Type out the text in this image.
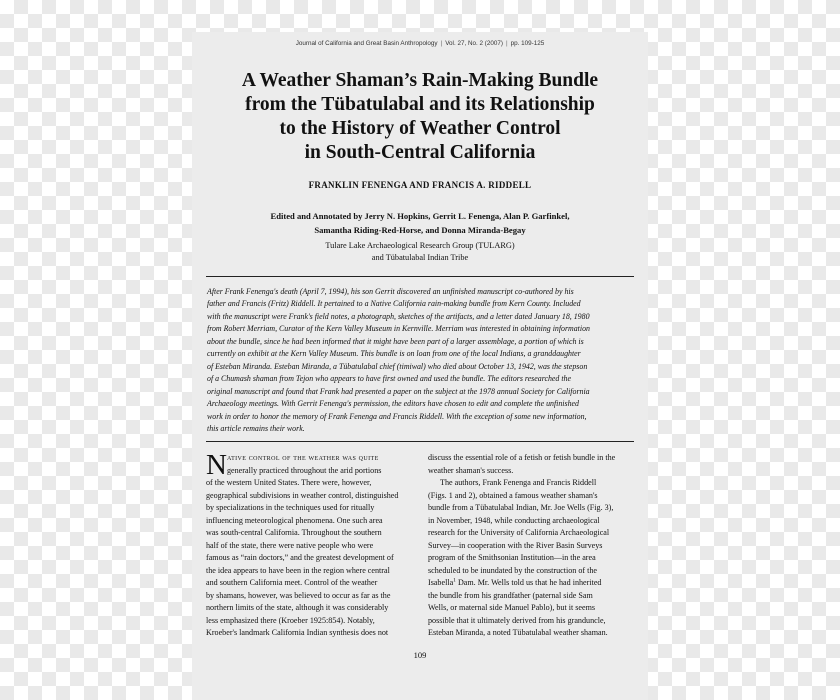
Journal of California and Great Basin Anthropology | Vol. 27, No. 2 (2007) | pp. 109-125
A Weather Shaman’s Rain-Making Bundle
from the Tübatulabal and its Relationship
to the History of Weather Control
in South-Central California
FRANKLIN FENENGA AND FRANCIS A. RIDDELL
Edited and Annotated by Jerry N. Hopkins, Gerrit L. Fenenga, Alan P. Garfinkel,
Samantha Riding-Red-Horse, and Donna Miranda-Begay
Tulare Lake Archaeological Research Group (TULARG)
and Tübatulabal Indian Tribe
After Frank Fenenga's death (April 7, 1994), his son Gerrit discovered an unfinished manuscript co-authored by his
father and Francis (Fritz) Riddell. It pertained to a Native California rain-making bundle from Kern County. Included
with the manuscript were Frank's field notes, a photograph, sketches of the artifacts, and a letter dated January 18, 1980
from Robert Merriam, Curator of the Kern Valley Museum in Kernville. Merriam was interested in obtaining information
about the bundle, since he had been informed that it might have been part of a larger assemblage, a portion of which is
currently on exhibit at the Kern Valley Museum. This bundle is on loan from one of the local Indians, a granddaughter
of Esteban Miranda. Esteban Miranda, a Tübatulabal chief (timiwal) who died about October 13, 1942, was the stepson
of a Chumash shaman from Tejon who appears to have first owned and used the bundle. The editors researched the
original manuscript and found that Frank had presented a paper on the subject at the 1978 annual Society for California
Archaeology meetings. With Gerrit Fenenga's permission, the editors have chosen to edit and complete the unfinished
work in order to honor the memory of Frank Fenenga and Francis Riddell. With the exception of some new information,
this article remains their work.
N ative control of the weather was quite
generally practiced throughout the arid portions
of the western United States. There were, however,
geographical subdivisions in weather control, distinguished
by specializations in the techniques used for ritually
influencing meteorological phenomena. One such area
was south-central California. Throughout the southern
half of the state, there were native people who were
famous as “rain doctors,” and the greatest development of
the idea appears to have been in the region where central
and southern California meet. Control of the weather
by shamans, however, was believed to occur as far as the
northern limits of the state, although it was considerably
less emphasized there (Kroeber 1925:854). Notably,
Kroeber's landmark California Indian synthesis does not
discuss the essential role of a fetish or fetish bundle in the
weather shaman's success.
The authors, Frank Fenenga and Francis Riddell
(Figs. 1 and 2), obtained a famous weather shaman's
bundle from a Tübatulabal Indian, Mr. Joe Wells (Fig. 3),
in November, 1948, while conducting archaeological
research for the University of California Archaeological
Survey—in cooperation with the River Basin Surveys
program of the Smithsonian Institution—in the area
scheduled to be inundated by the construction of the
Isabella$^1$ Dam. Mr. Wells told us that he had inherited
the bundle from his grandfather (paternal side Sam
Wells, or maternal side Manuel Pablo), but it seems
possible that it ultimately derived from his granduncle,
Esteban Miranda, a noted Tübatulabal weather shaman.
109
